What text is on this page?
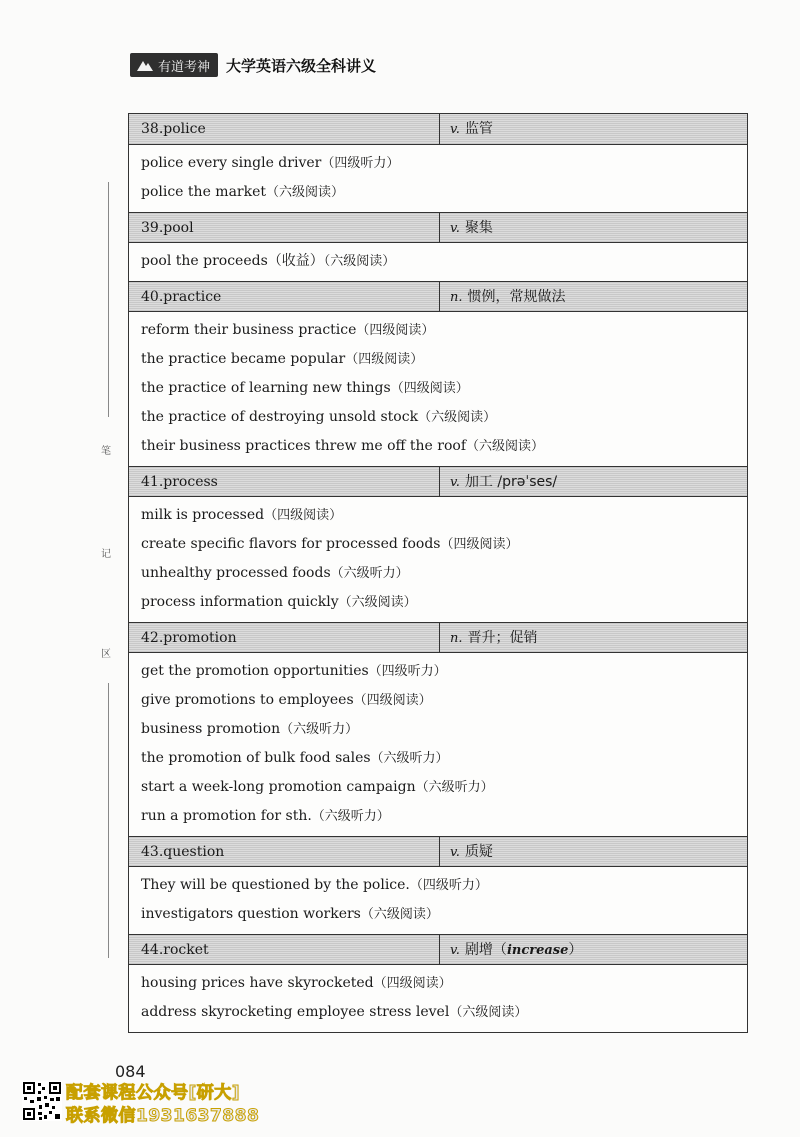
有道考神 大学英语六级全科讲义
笔
记
区
38.police	v. 监管
police every single driver（四级听力）
police the market（六级阅读）
39.pool	v. 聚集
pool the proceeds（收益）（六级阅读）
40.practice	n. 惯例，常规做法
reform their business practice（四级阅读）
the practice became popular（四级阅读）
the practice of learning new things（四级阅读）
the practice of destroying unsold stock（六级阅读）
their business practices threw me off the roof（六级阅读）
41.process	v. 加工 /prəˈses/
milk is processed（四级阅读）
create specific flavors for processed foods（四级阅读）
unhealthy processed foods（六级听力）
process information quickly（六级阅读）
42.promotion	n. 晋升；促销
get the promotion opportunities（四级听力）
give promotions to employees（四级阅读）
business promotion（六级听力）
the promotion of bulk food sales（六级听力）
start a week-long promotion campaign（六级听力）
run a promotion for sth.（六级听力）
43.question	v. 质疑
They will be questioned by the police.（四级听力）
investigators question workers（六级阅读）
44.rocket	v. 剧增（increase）
housing prices have skyrocketed（四级阅读）
address skyrocketing employee stress level（六级阅读）
084
配套课程公众号[研大]
联系微信1931637888
